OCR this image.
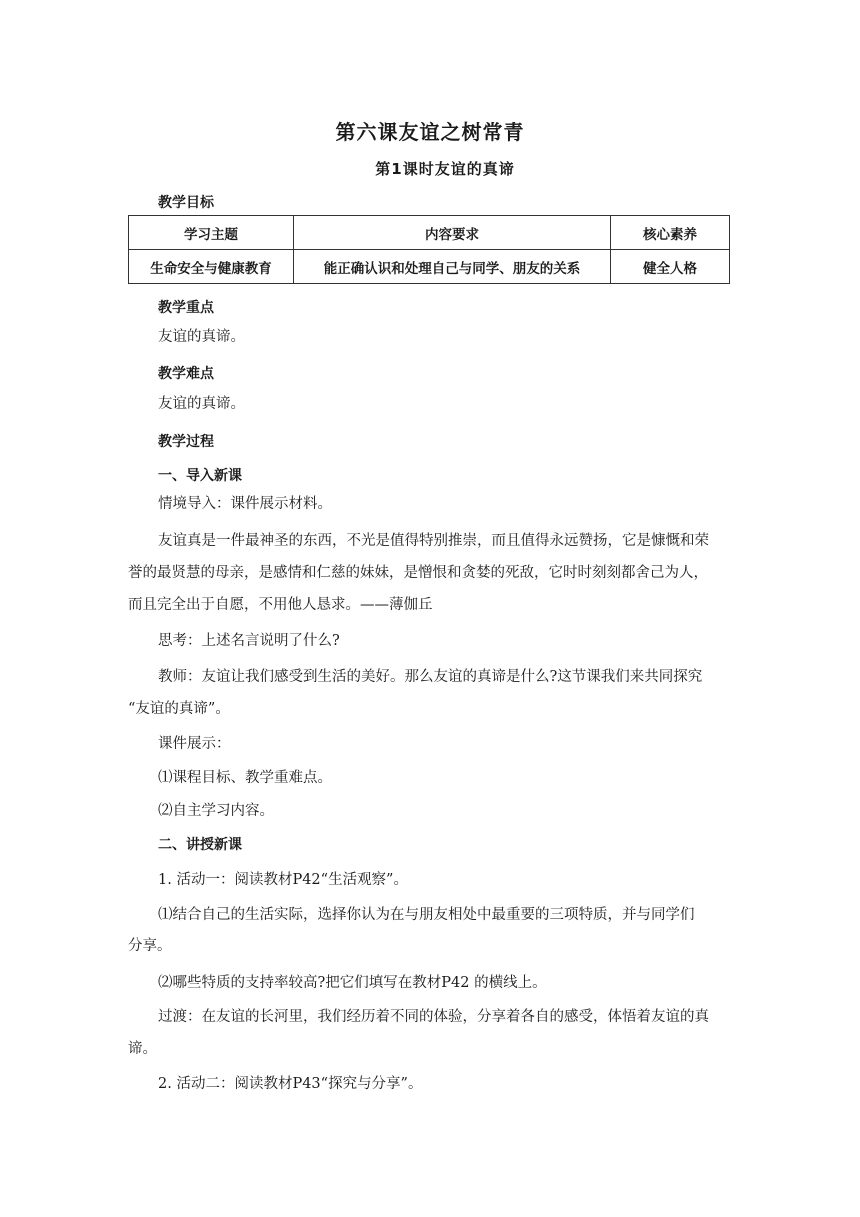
第六课友谊之树常青
第1课时友谊的真谛
教学目标
学习主题	内容要求	核心素养
生命安全与健康教育	能正确认识和处理自己与同学、朋友的关系	健全人格
教学重点
友谊的真谛。
教学难点
友谊的真谛。
教学过程
一、导入新课
情境导入：课件展示材料。
友谊真是一件最神圣的东西，不光是值得特别推崇，而且值得永远赞扬，它是慷慨和荣
誉的最贤慧的母亲，是感情和仁慈的妹妹，是憎恨和贪婪的死敌，它时时刻刻都舍己为人，
而且完全出于自愿，不用他人恳求。——薄伽丘
思考：上述名言说明了什么?
教师：友谊让我们感受到生活的美好。那么友谊的真谛是什么?这节课我们来共同探究
“友谊的真谛”。
课件展示：
⑴课程目标、教学重难点。
⑵自主学习内容。
二、讲授新课
1. 活动一：阅读教材P42“生活观察”。
⑴结合自己的生活实际，选择你认为在与朋友相处中最重要的三项特质，并与同学们
分享。
⑵哪些特质的支持率较高?把它们填写在教材P42 的横线上。
过渡：在友谊的长河里，我们经历着不同的体验，分享着各自的感受，体悟着友谊的真
谛。
2. 活动二：阅读教材P43“探究与分享”。
